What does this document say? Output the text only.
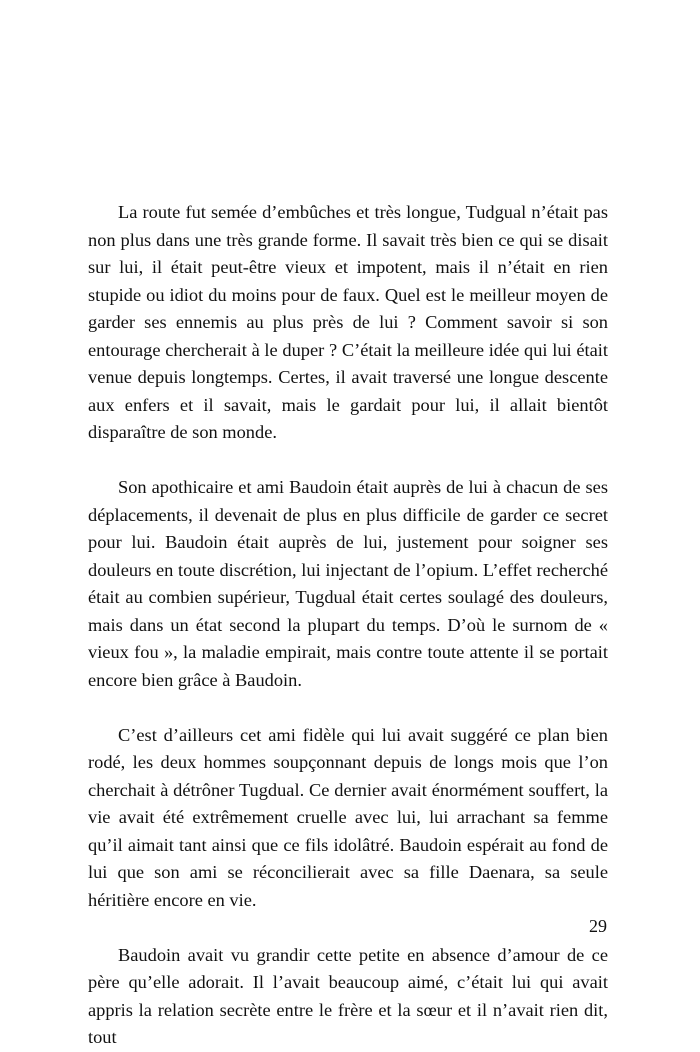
La route fut semée d’embûches et très longue, Tudgual n’était pas non plus dans une très grande forme. Il savait très bien ce qui se disait sur lui, il était peut-être vieux et impotent, mais il n’était en rien stupide ou idiot du moins pour de faux. Quel est le meilleur moyen de garder ses ennemis au plus près de lui ? Comment savoir si son entourage chercherait à le duper ? C’était la meilleure idée qui lui était venue depuis longtemps. Certes, il avait traversé une longue descente aux enfers et il savait, mais le gardait pour lui, il allait bientôt disparaître de son monde.

Son apothicaire et ami Baudoin était auprès de lui à chacun de ses déplacements, il devenait de plus en plus difficile de garder ce secret pour lui. Baudoin était auprès de lui, justement pour soigner ses douleurs en toute discrétion, lui injectant de l’opium. L’effet recherché était au combien supérieur, Tugdual était certes soulagé des douleurs, mais dans un état second la plupart du temps. D’où le surnom de « vieux fou », la maladie empirait, mais contre toute attente il se portait encore bien grâce à Baudoin.

C’est d’ailleurs cet ami fidèle qui lui avait suggéré ce plan bien rodé, les deux hommes soupçonnant depuis de longs mois que l’on cherchait à détrôner Tugdual. Ce dernier avait énormément souffert, la vie avait été extrêmement cruelle avec lui, lui arrachant sa femme qu’il aimait tant ainsi que ce fils idolâtré. Baudoin espérait au fond de lui que son ami se réconcilierait avec sa fille Daenara, sa seule héritière encore en vie.

Baudoin avait vu grandir cette petite en absence d’amour de ce père qu’elle adorait. Il l’avait beaucoup aimé, c’était lui qui avait appris la relation secrète entre le frère et la sœur et il n’avait rien dit, tout

29
